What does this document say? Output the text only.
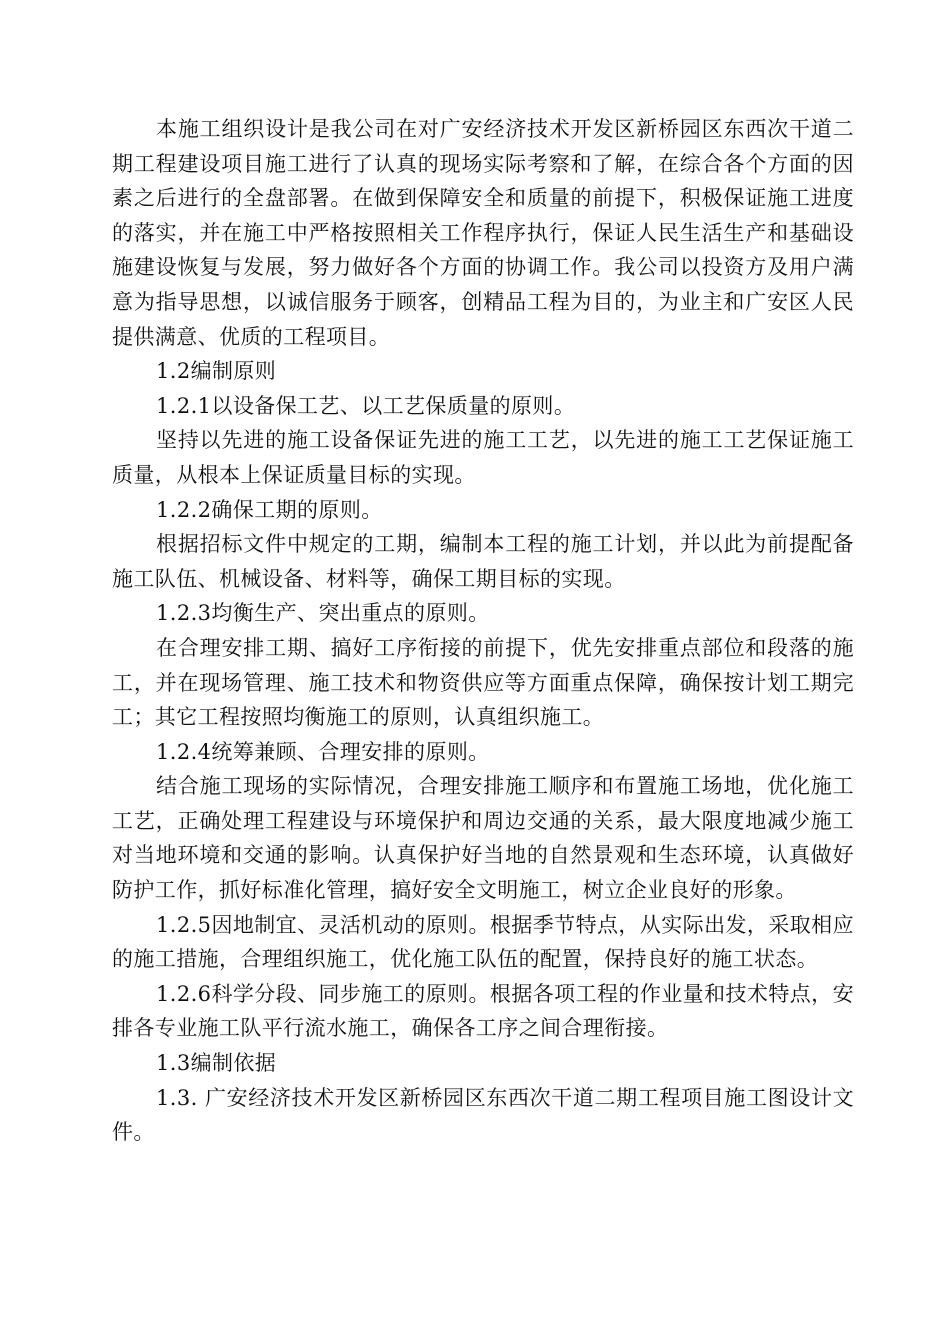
本施工组织设计是我公司在对广安经济技术开发区新桥园区东西次干道二期工程建设项目施工进行了认真的现场实际考察和了解，在综合各个方面的因素之后进行的全盘部署。在做到保障安全和质量的前提下，积极保证施工进度的落实，并在施工中严格按照相关工作程序执行，保证人民生活生产和基础设施建设恢复与发展，努力做好各个方面的协调工作。我公司以投资方及用户满意为指导思想，以诚信服务于顾客，创精品工程为目的，为业主和广安区人民提供满意、优质的工程项目。

1.2编制原则

1.2.1以设备保工艺、以工艺保质量的原则。

坚持以先进的施工设备保证先进的施工工艺，以先进的施工工艺保证施工质量，从根本上保证质量目标的实现。

1.2.2确保工期的原则。

根据招标文件中规定的工期，编制本工程的施工计划，并以此为前提配备施工队伍、机械设备、材料等，确保工期目标的实现。

1.2.3均衡生产、突出重点的原则。

在合理安排工期、搞好工序衔接的前提下，优先安排重点部位和段落的施工，并在现场管理、施工技术和物资供应等方面重点保障，确保按计划工期完工；其它工程按照均衡施工的原则，认真组织施工。

1.2.4统筹兼顾、合理安排的原则。

结合施工现场的实际情况，合理安排施工顺序和布置施工场地，优化施工工艺，正确处理工程建设与环境保护和周边交通的关系，最大限度地减少施工对当地环境和交通的影响。认真保护好当地的自然景观和生态环境，认真做好防护工作，抓好标准化管理，搞好安全文明施工，树立企业良好的形象。

1.2.5因地制宜、灵活机动的原则。根据季节特点，从实际出发，采取相应的施工措施，合理组织施工，优化施工队伍的配置，保持良好的施工状态。

1.2.6科学分段、同步施工的原则。根据各项工程的作业量和技术特点，安排各专业施工队平行流水施工，确保各工序之间合理衔接。

1.3编制依据

1.3. 广安经济技术开发区新桥园区东西次干道二期工程项目施工图设计文件。
